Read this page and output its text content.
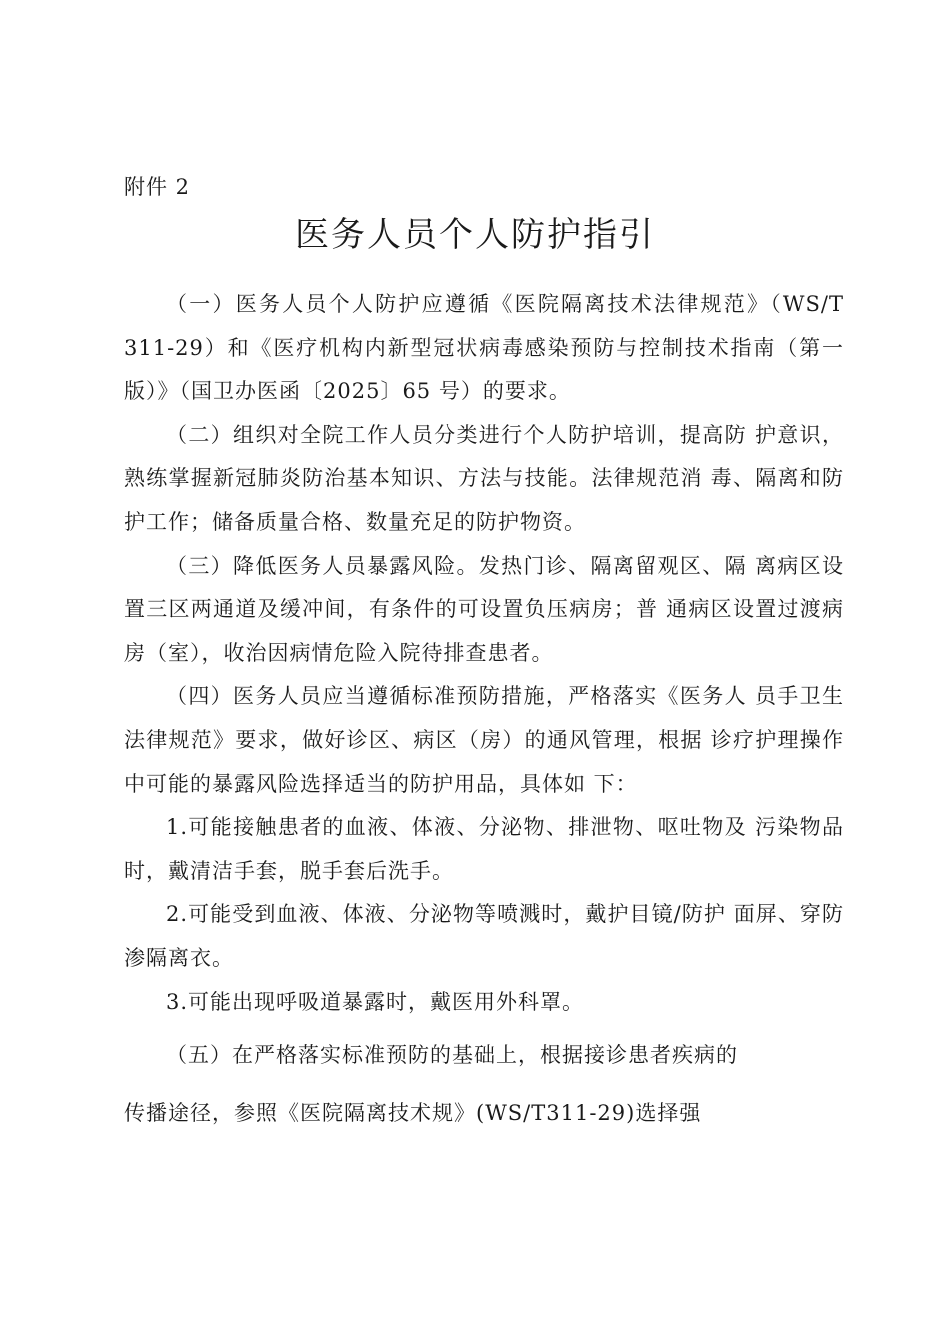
附件 2
医务人员个人防护指引

（一）医务人员个人防护应遵循《医院隔离技术法律规范》（WS/T 311-29）和《医疗机构内新型冠状病毒感染预防与控制技术指南（第一版）》（国卫办医函〔2025〕65 号）的要求。

（二）组织对全院工作人员分类进行个人防护培训，提高防 护意识，熟练掌握新冠肺炎防治基本知识、方法与技能。法律规范消 毒、隔离和防护工作；储备质量合格、数量充足的防护物资。

（三）降低医务人员暴露风险。发热门诊、隔离留观区、隔 离病区设置三区两通道及缓冲间，有条件的可设置负压病房；普 通病区设置过渡病房（室），收治因病情危险入院待排查患者。

（四）医务人员应当遵循标准预防措施，严格落实《医务人 员手卫生法律规范》要求，做好诊区、病区（房）的通风管理，根据 诊疗护理操作中可能的暴露风险选择适当的防护用品，具体如 下：

1.可能接触患者的血液、体液、分泌物、排泄物、呕吐物及 污染物品时，戴清洁手套，脱手套后洗手。

2.可能受到血液、体液、分泌物等喷溅时，戴护目镜/防护 面屏、穿防渗隔离衣。

3.可能出现呼吸道暴露时，戴医用外科罩。

（五）在严格落实标准预防的基础上，根据接诊患者疾病的

传播途径，参照《医院隔离技术规》(WS/T311-29)选择强
